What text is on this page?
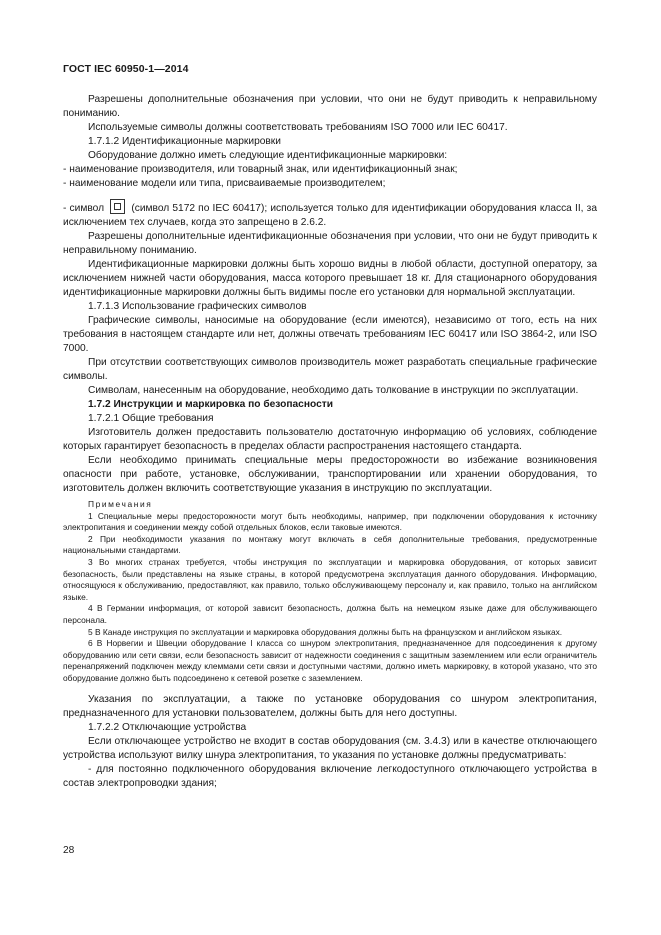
ГОСТ IEC 60950-1—2014

Разрешены дополнительные обозначения при условии, что они не будут приводить к неправильному пониманию.

Используемые символы должны соответствовать требованиям ISO 7000 или IEC 60417.

1.7.1.2 Идентификационные маркировки

Оборудование должно иметь следующие идентификационные маркировки:

- наименование производителя, или товарный знак, или идентификационный знак;

- наименование модели или типа, присваиваемые производителем;

- символ	(символ 5172 по IEC 60417); используется только для идентификации оборудования класса II, за исключением тех случаев, когда это запрещено в 2.6.2.

Разрешены дополнительные идентификационные обозначения при условии, что они не будут приводить к неправильному пониманию.

Идентификационные маркировки должны быть хорошо видны в любой области, доступной оператору, за исключением нижней части оборудования, масса которого превышает 18 кг. Для стационарного оборудования идентификационные маркировки должны быть видимы после его установки для нормальной эксплуатации.

1.7.1.3 Использование графических символов

Графические символы, наносимые на оборудование (если имеются), независимо от того, есть на них требования в настоящем стандарте или нет, должны отвечать требованиям IEC 60417 или ISO 3864-2, или ISO 7000.

При отсутствии соответствующих символов производитель может разработать специальные графические символы.

Символам, нанесенным на оборудование, необходимо дать толкование в инструкции по эксплуатации.

1.7.2 Инструкции и маркировка по безопасности

1.7.2.1 Общие требования

Изготовитель должен предоставить пользователю достаточную информацию об условиях, соблюдение которых гарантирует безопасность в пределах области распространения настоящего стандарта.

Если необходимо принимать специальные меры предосторожности во избежание возникновения опасности при работе, установке, обслуживании, транспортировании или хранении оборудования, то изготовитель должен включить соответствующие указания в инструкцию по эксплуатации.

Примечания

1 Специальные меры предосторожности могут быть необходимы, например, при подключении оборудования к источнику электропитания и соединении между собой отдельных блоков, если таковые имеются.

2 При необходимости указания по монтажу могут включать в себя дополнительные требования, предусмотренные национальными стандартами.

3 Во многих странах требуется, чтобы инструкция по эксплуатации и маркировка оборудования, от которых зависит безопасность, были представлены на языке страны, в которой предусмотрена эксплуатация данного оборудования. Информацию, относящуюся к обслуживанию, предоставляют, как правило, только обслуживающему персоналу и, как правило, только на английском языке.

4 В Германии информация, от которой зависит безопасность, должна быть на немецком языке даже для обслуживающего персонала.

5 В Канаде инструкция по эксплуатации и маркировка оборудования должны быть на французском и английском языках.

6 В Норвегии и Швеции оборудование I класса со шнуром электропитания, предназначенное для подсоединения к другому оборудованию или сети связи, если безопасность зависит от надежности соединения с защитным заземлением или если ограничитель перенапряжений подключен между клеммами сети связи и доступными частями, должно иметь маркировку, в которой указано, что это оборудование должно быть подсоединено к сетевой розетке с заземлением.

Указания по эксплуатации, а также по установке оборудования со шнуром электропитания, предназначенного для установки пользователем, должны быть для него доступны.

1.7.2.2 Отключающие устройства

Если отключающее устройство не входит в состав оборудования (см. 3.4.3) или в качестве отключающего устройства используют вилку шнура электропитания, то указания по установке должны предусматривать:

- для постоянно подключенного оборудования включение легкодоступного отключающего устройства в состав электропроводки здания;

28
